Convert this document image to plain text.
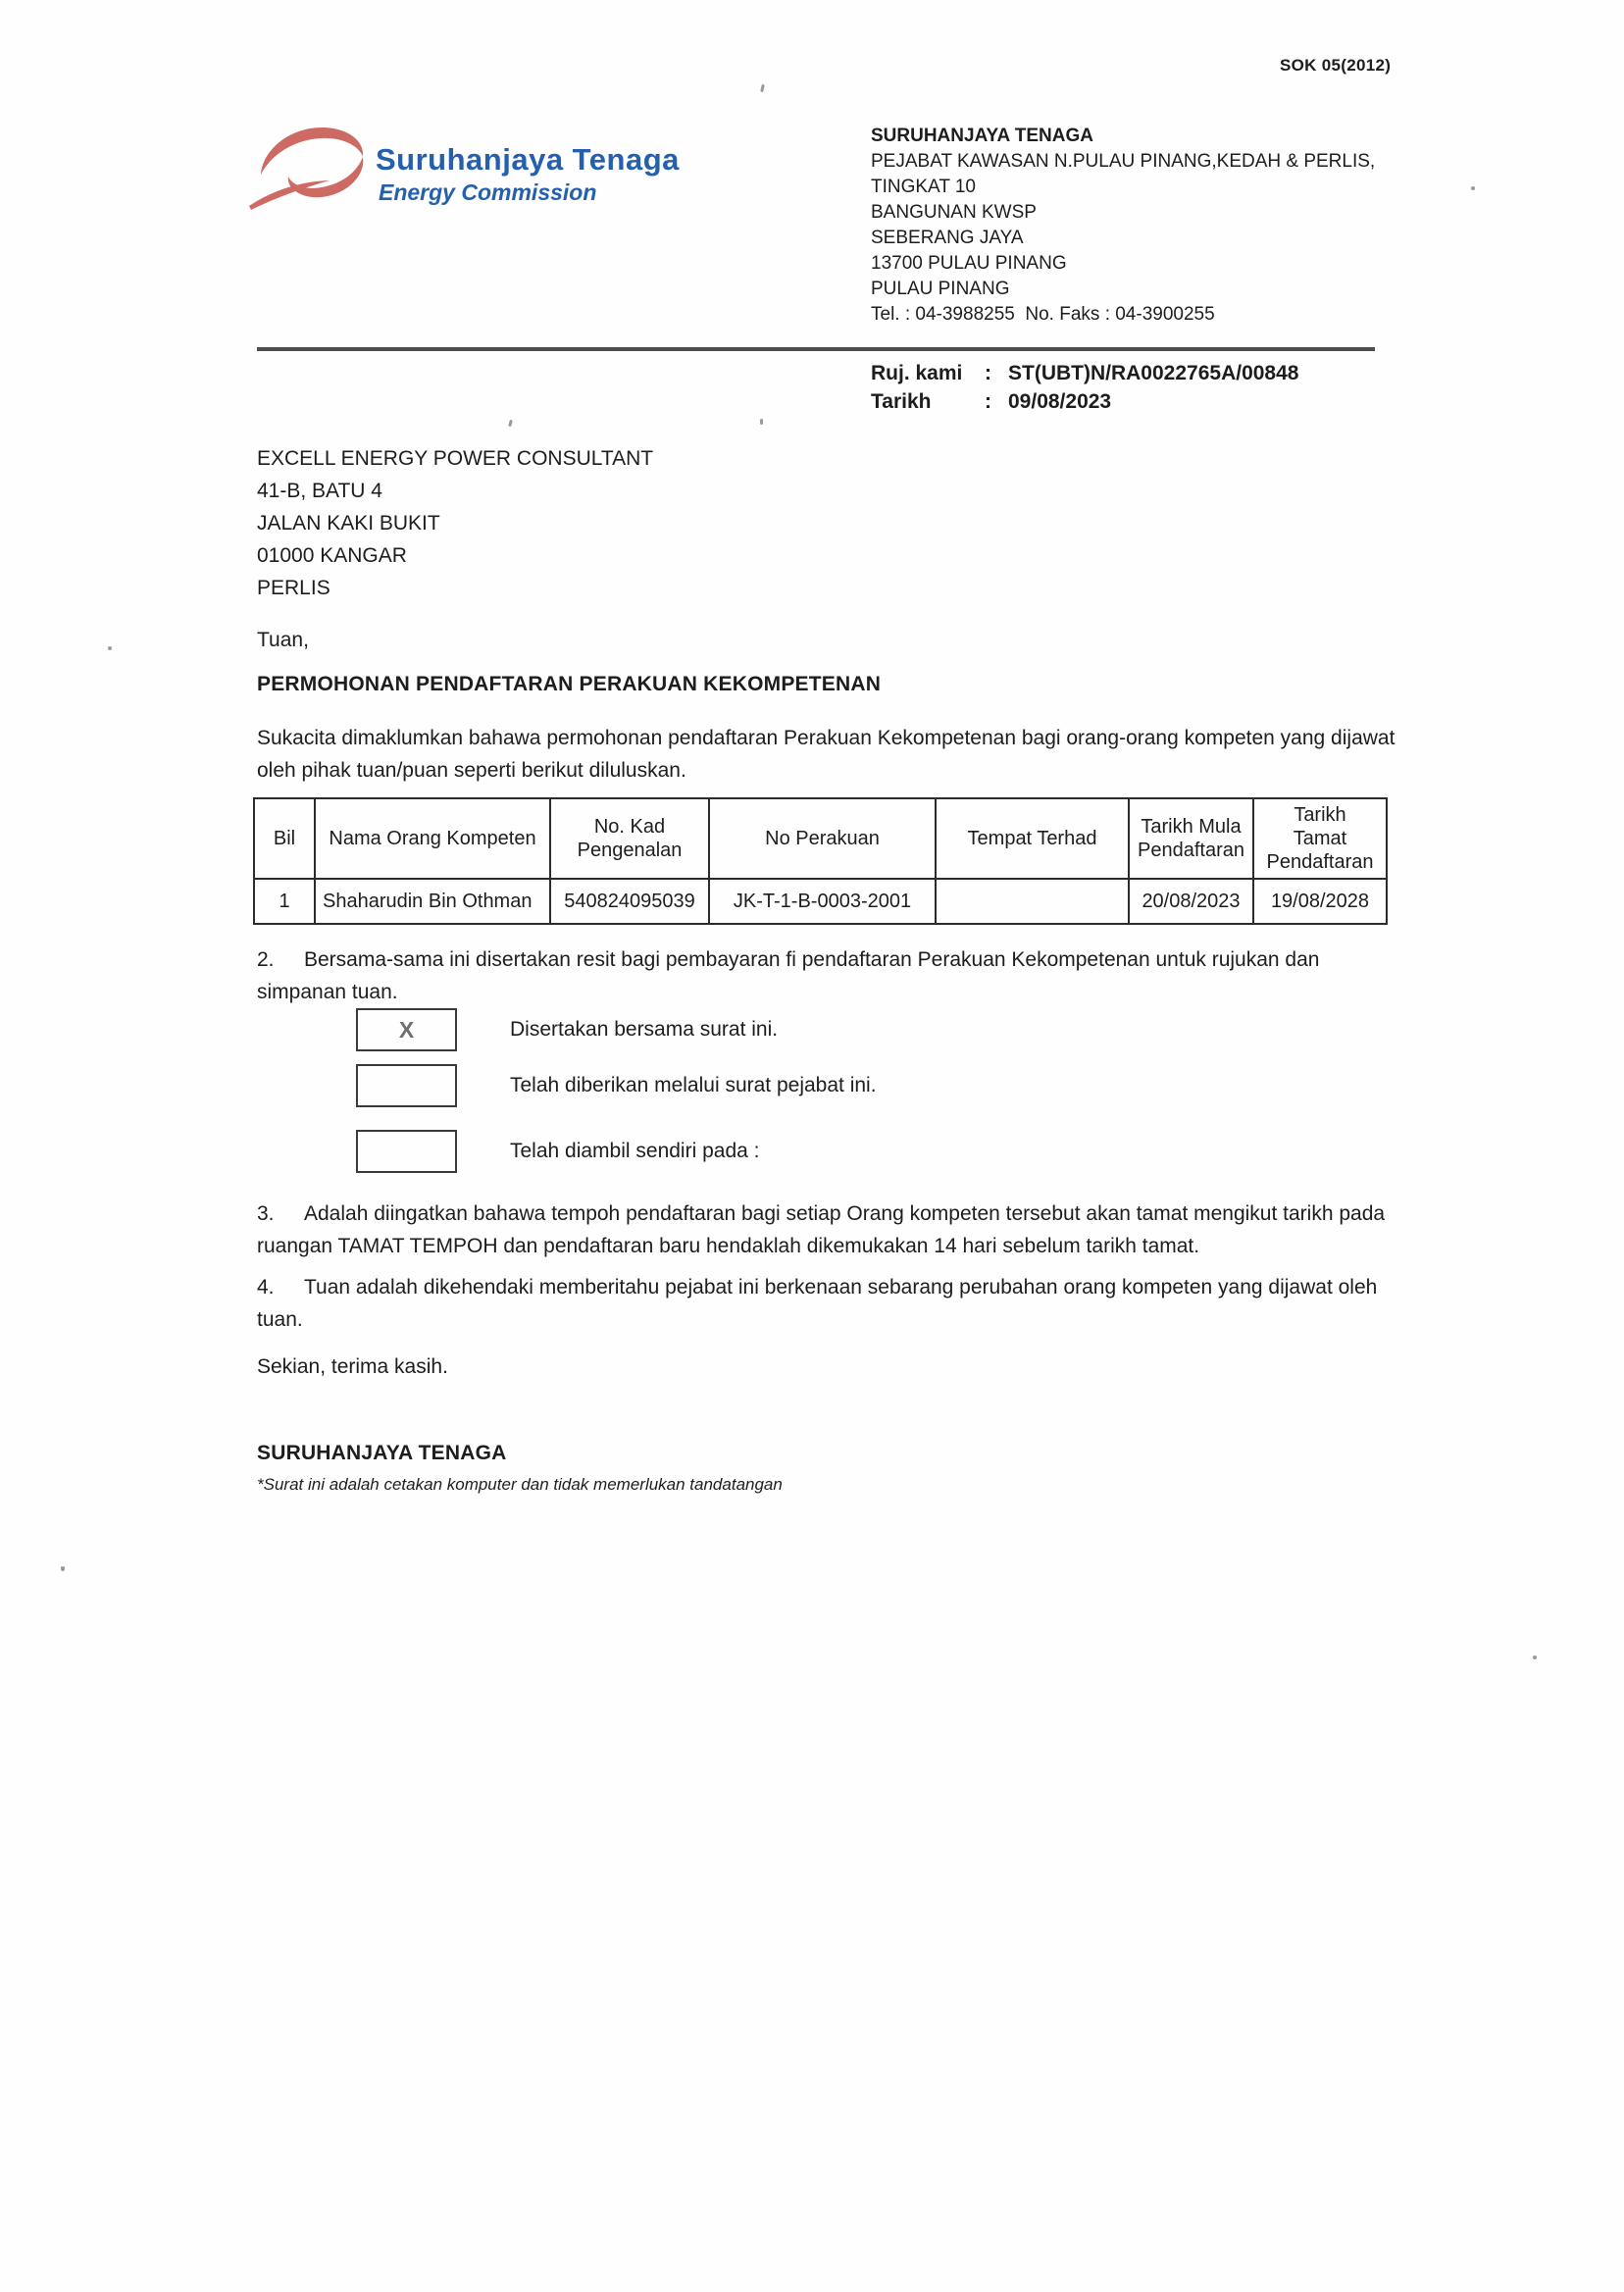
SOK 05(2012)
Suruhanjaya Tenaga
Energy Commission
SURUHANJAYA TENAGA
PEJABAT KAWASAN N.PULAU PINANG,KEDAH & PERLIS,
TINGKAT 10
BANGUNAN KWSP
SEBERANG JAYA
13700 PULAU PINANG
PULAU PINANG
Tel. : 04-3988255  No. Faks : 04-3900255
Ruj. kami	: ST(UBT)N/RA0022765A/00848
Tarikh	: 09/08/2023
EXCELL ENERGY POWER CONSULTANT
41-B, BATU 4
JALAN KAKI BUKIT
01000 KANGAR
PERLIS
Tuan,
PERMOHONAN PENDAFTARAN PERAKUAN KEKOMPETENAN
Sukacita dimaklumkan bahawa permohonan pendaftaran Perakuan Kekompetenan bagi orang-orang kompeten yang dijawat oleh pihak tuan/puan seperti berikut diluluskan.
Bil	Nama Orang Kompeten	No. Kad Pengenalan	No Perakuan	Tempat Terhad	Tarikh Mula Pendaftaran	Tarikh Tamat Pendaftaran
1	Shaharudin Bin Othman	540824095039	JK-T-1-B-0003-2001		20/08/2023	19/08/2028
2. Bersama-sama ini disertakan resit bagi pembayaran fi pendaftaran Perakuan Kekompetenan untuk rujukan dan simpanan tuan.
X	Disertakan bersama surat ini.
Telah diberikan melalui surat pejabat ini.
Telah diambil sendiri pada :
3. Adalah diingatkan bahawa tempoh pendaftaran bagi setiap Orang kompeten tersebut akan tamat mengikut tarikh pada ruangan TAMAT TEMPOH dan pendaftaran baru hendaklah dikemukakan 14 hari sebelum tarikh tamat.
4. Tuan adalah dikehendaki memberitahu pejabat ini berkenaan sebarang perubahan orang kompeten yang dijawat oleh tuan.
Sekian, terima kasih.
SURUHANJAYA TENAGA
*Surat ini adalah cetakan komputer dan tidak memerlukan tandatangan
